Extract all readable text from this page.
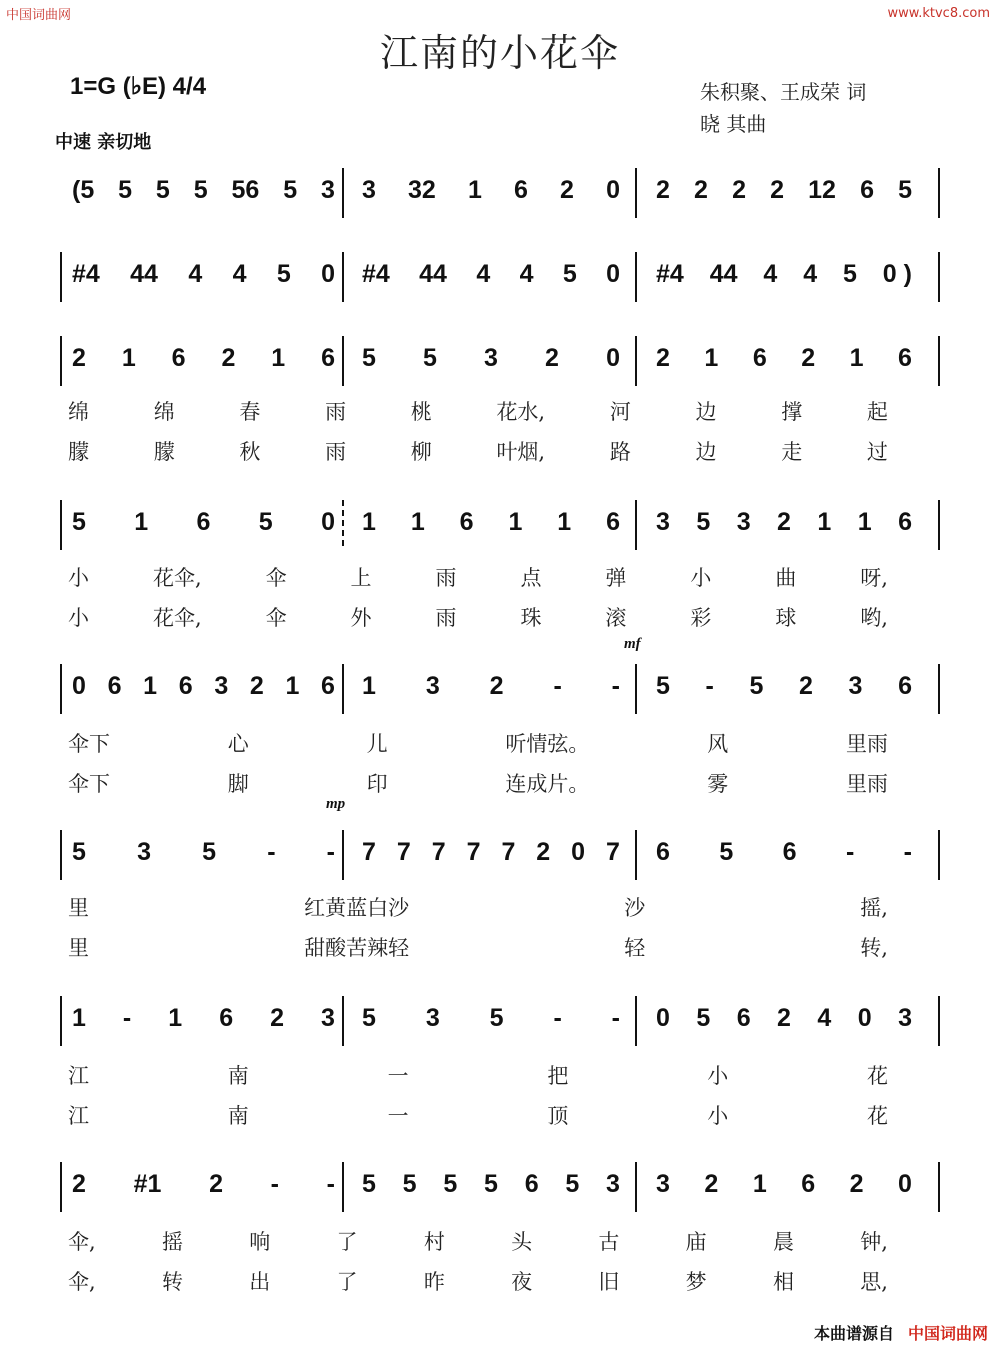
中国词曲网	www.ktvc8.com
江南的小花伞
1=G (♭E) 4/4
中速 亲切地
朱积聚、王成荣 词
晓 其曲
mf
mp
(5 5 5 5 56 5 3 3 32 1 6 2 0 2 2 2 2 12 6 5
#4 44 4 4 5 0 #4 44 4 4 5 0 #4 44 4 4 5 0 )
2 1 6 2 1 6 5 5 3 2 0 2 1 6 2 1 6
绵	绵	春	雨	桃	花水,	河	边	撑	起
朦	朦	秋	雨	柳	叶烟,	路	边	走	过
5 1 6 5 0 1 1 6 1 1 6 3 5 3 2 1 1 6
小	花伞,	伞	上	雨	点	弹	小	曲	呀,
小	花伞,	伞	外	雨	珠	滚	彩	球	哟,
0 6 1 6 3 2 1 6 1 3 2 - - 5 - 5 2 3 6
伞下	心	儿	听情弦。	风	里雨
伞下	脚	印	连成片。	雾	里雨
5 3 5 - - 7 7 7 7 7 2 0 7 6 5 6 - -
里	红黄蓝白沙	沙	摇,
里	甜酸苦辣轻	轻	转,
1 - 1 6 2 3 5 3 5 - - 0 5 6 2 4 0 3
江	南	一	把	小	花
江	南	一	顶	小	花
2 #1 2 - - 5 5 5 5 6 5 3 3 2 1 6 2 0
伞,	摇	响	了	村	头	古	庙	晨	钟,
伞,	转	出	了	昨	夜	旧	梦	相	思,
本曲谱源自 中国词曲网
